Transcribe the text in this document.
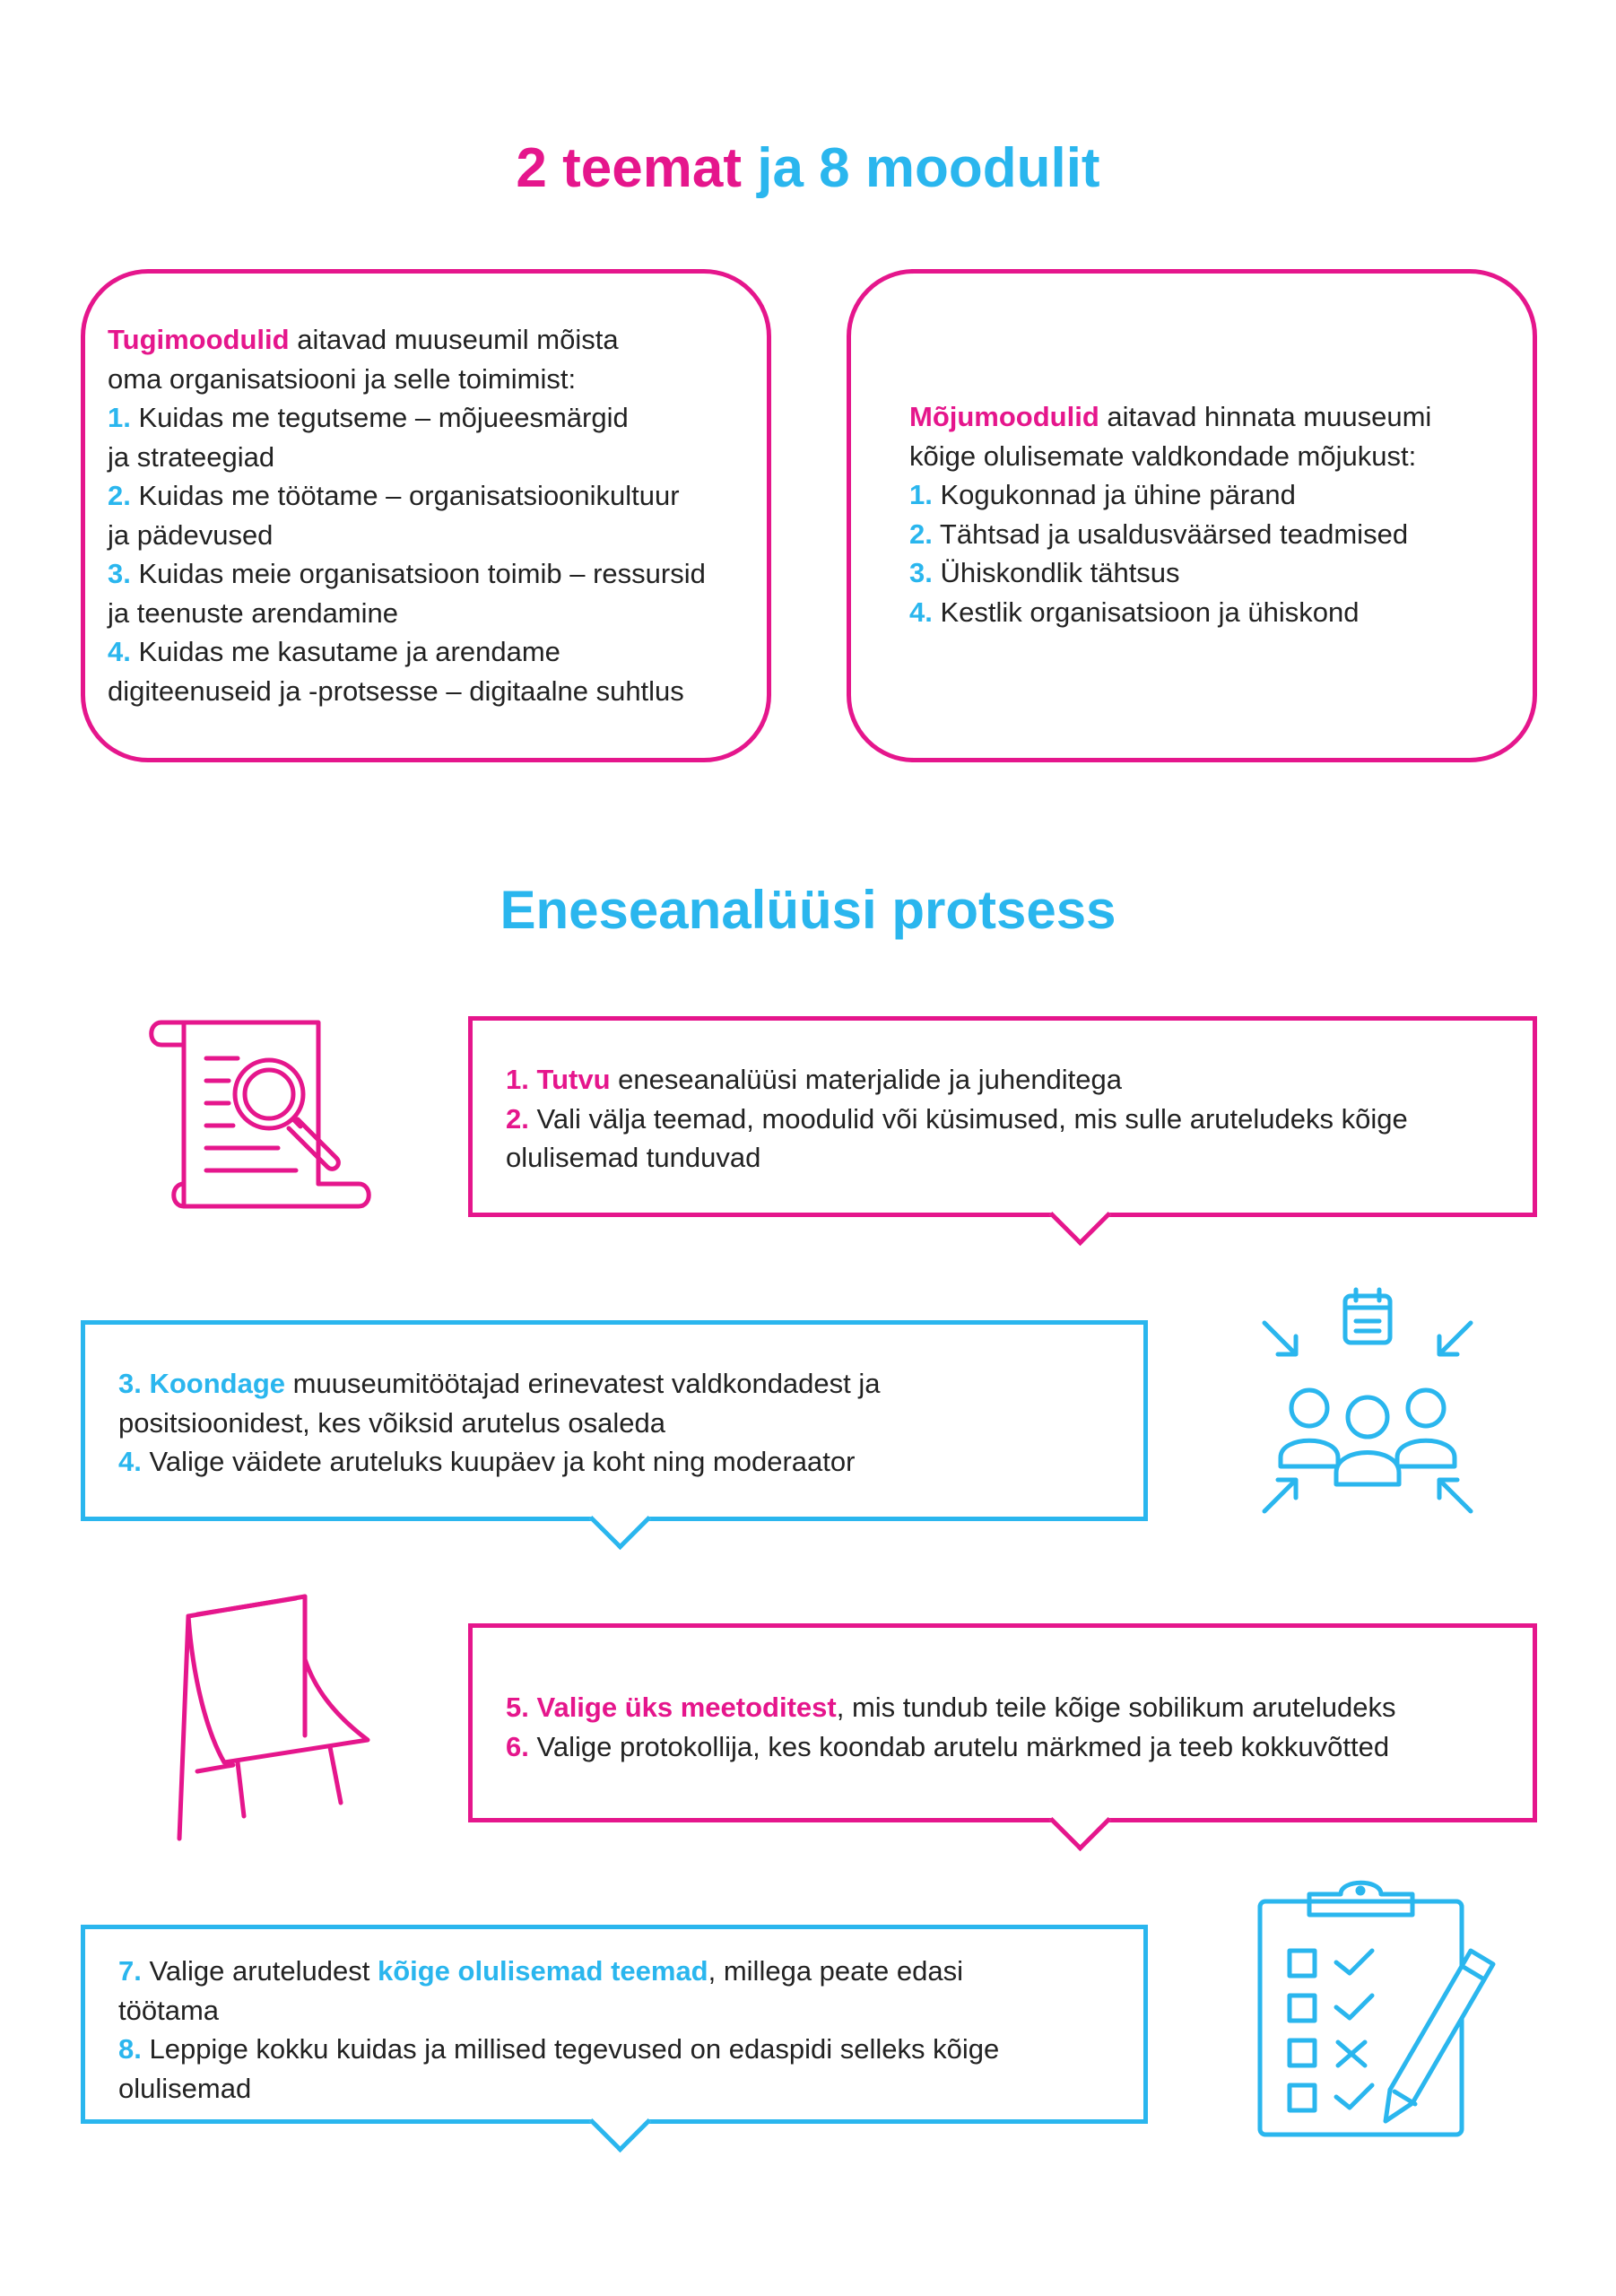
2 teemat ja 8 moodulit
Tugimoodulid aitavad muuseumil mõista
oma organisatsiooni ja selle toimimist:
1. Kuidas me tegutseme – mõjueesmärgid
ja strateegiad
2. Kuidas me töötame – organisatsioonikultuur
ja pädevused
3. Kuidas meie organisatsioon toimib – ressursid
ja teenuste arendamine
4. Kuidas me kasutame ja arendame
digiteenuseid ja -protsesse – digitaalne suhtlus
Mõjumoodulid aitavad hinnata muuseumi
kõige olulisemate valdkondade mõjukust:
1. Kogukonnad ja ühine pärand
2. Tähtsad ja usaldusväärsed teadmised
3. Ühiskondlik tähtsus
4. Kestlik organisatsioon ja ühiskond
Eneseanalüüsi protsess
1. Tutvu eneseanalüüsi materjalide ja juhenditega
2. Vali välja teemad, moodulid või küsimused, mis sulle aruteludeks kõige
olulisemad tunduvad
3. Koondage muuseumitöötajad erinevatest valdkondadest ja
positsioonidest, kes võiksid arutelus osaleda
4. Valige väidete aruteluks kuupäev ja koht ning moderaator
5. Valige üks meetoditest, mis tundub teile kõige sobilikum aruteludeks
6. Valige protokollija, kes koondab arutelu märkmed ja teeb kokkuvõtted
7. Valige aruteludest kõige olulisemad teemad, millega peate edasi
töötama
8. Leppige kokku kuidas ja millised tegevused on edaspidi selleks kõige
olulisemad
